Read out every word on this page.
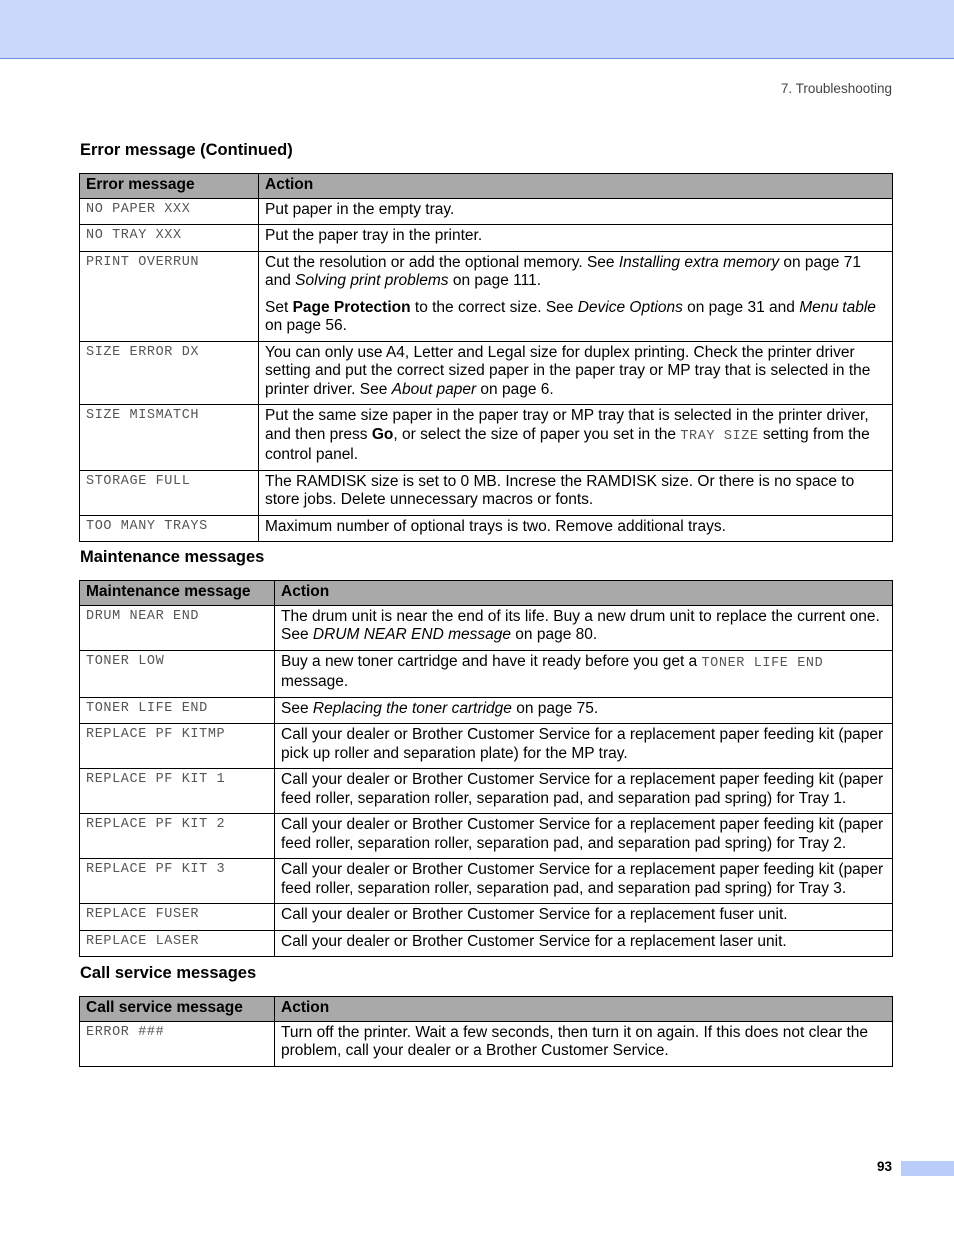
7. Troubleshooting
Error message (Continued)
Error message	Action
NO PAPER XXX	Put paper in the empty tray.

NO TRAY XXX	Put the paper tray in the printer.

PRINT OVERRUN	Cut the resolution or add the optional memory. See Installing extra memory on page 71 and Solving print problems on page 111.

Set Page Protection to the correct size. See Device Options on page 31 and Menu table on page 56.

SIZE ERROR DX	You can only use A4, Letter and Legal size for duplex printing. Check the printer driver setting and put the correct sized paper in the paper tray or MP tray that is selected in the printer driver. See About paper on page 6.

SIZE MISMATCH	Put the same size paper in the paper tray or MP tray that is selected in the printer driver, and then press Go, or select the size of paper you set in the TRAY SIZE setting from the control panel.

STORAGE FULL	The RAMDISK size is set to 0 MB. Increse the RAMDISK size. Or there is no space to store jobs. Delete unnecessary macros or fonts.

TOO MANY TRAYS	Maximum number of optional trays is two. Remove additional trays.

Maintenance messages
Maintenance message	Action
DRUM NEAR END	The drum unit is near the end of its life. Buy a new drum unit to replace the current one. See DRUM NEAR END message on page 80.

TONER LOW	Buy a new toner cartridge and have it ready before you get a TONER LIFE END message.

TONER LIFE END	See Replacing the toner cartridge on page 75.

REPLACE PF KITMP	Call your dealer or Brother Customer Service for a replacement paper feeding kit (paper pick up roller and separation plate) for the MP tray.

REPLACE PF KIT 1	Call your dealer or Brother Customer Service for a replacement paper feeding kit (paper feed roller, separation roller, separation pad, and separation pad spring) for Tray 1.

REPLACE PF KIT 2	Call your dealer or Brother Customer Service for a replacement paper feeding kit (paper feed roller, separation roller, separation pad, and separation pad spring) for Tray 2.

REPLACE PF KIT 3	Call your dealer or Brother Customer Service for a replacement paper feeding kit (paper feed roller, separation roller, separation pad, and separation pad spring) for Tray 3.

REPLACE FUSER	Call your dealer or Brother Customer Service for a replacement fuser unit.

REPLACE LASER	Call your dealer or Brother Customer Service for a replacement laser unit.

Call service messages
Call service message	Action
ERROR ###	Turn off the printer. Wait a few seconds, then turn it on again. If this does not clear the problem, call your dealer or a Brother Customer Service.

93
